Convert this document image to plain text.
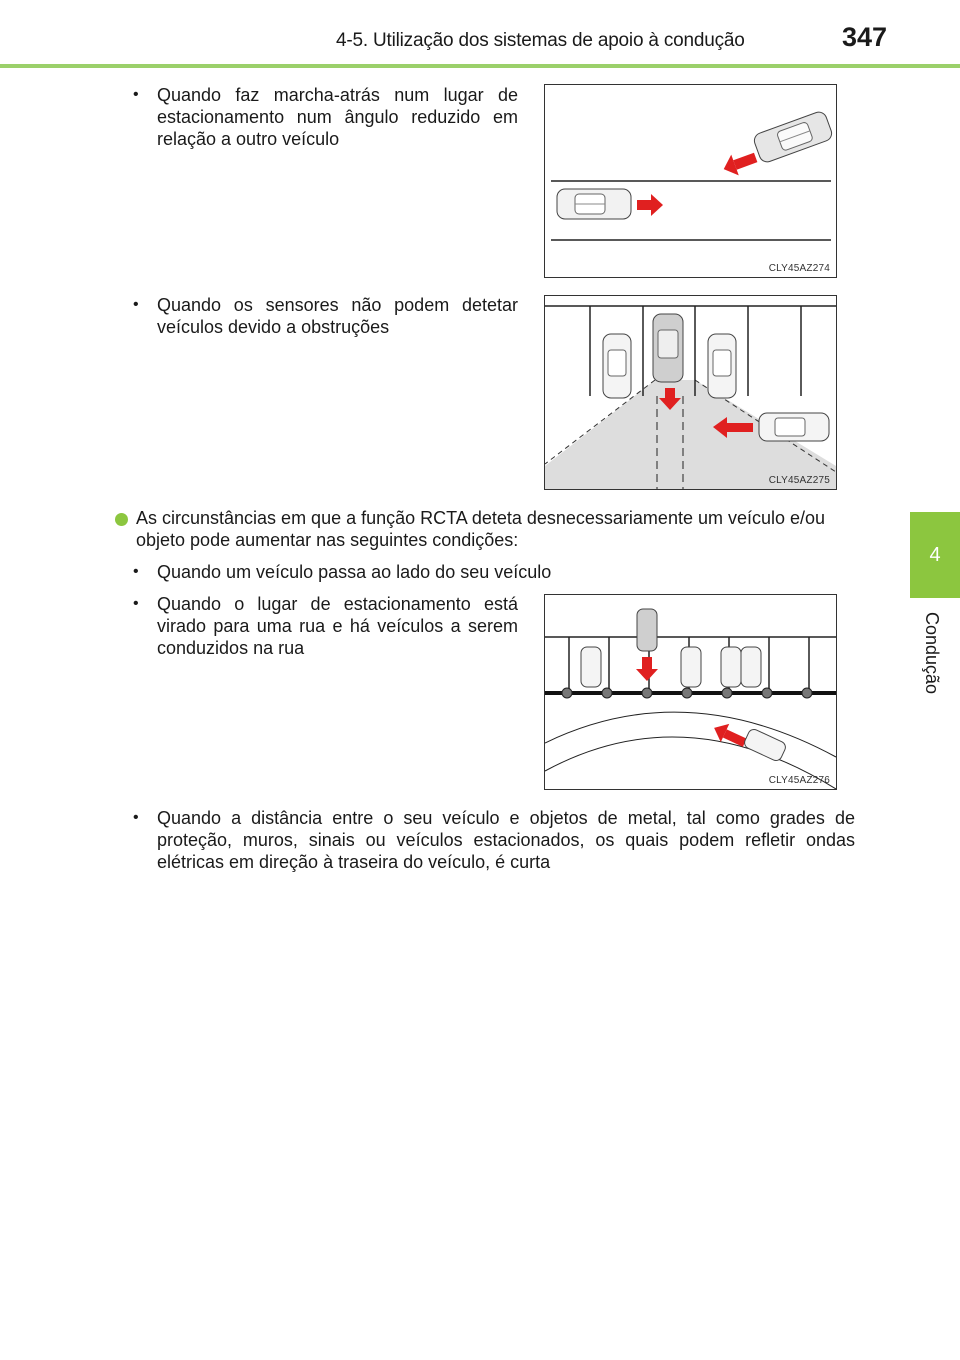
4-5. Utilização dos sistemas de apoio à condução	347
4
Condução
•	Quando faz marcha-atrás num lugar de estacionamento num ângulo reduzido em relação a outro veículo
CLY45AZ274
•	Quando os sensores não podem detetar veículos devido a obstruções
CLY45AZ275
As circunstâncias em que a função RCTA deteta desnecessariamente um veículo e/ou objeto pode aumentar nas seguintes condições:
•	Quando um veículo passa ao lado do seu veículo
•	Quando o lugar de estacionamento está virado para uma rua e há veículos a serem conduzidos na rua
CLY45AZ276
•	Quando a distância entre o seu veículo e objetos de metal, tal como grades de proteção, muros, sinais ou veículos estacionados, os quais podem refletir ondas elétricas em direção à traseira do veículo, é curta
